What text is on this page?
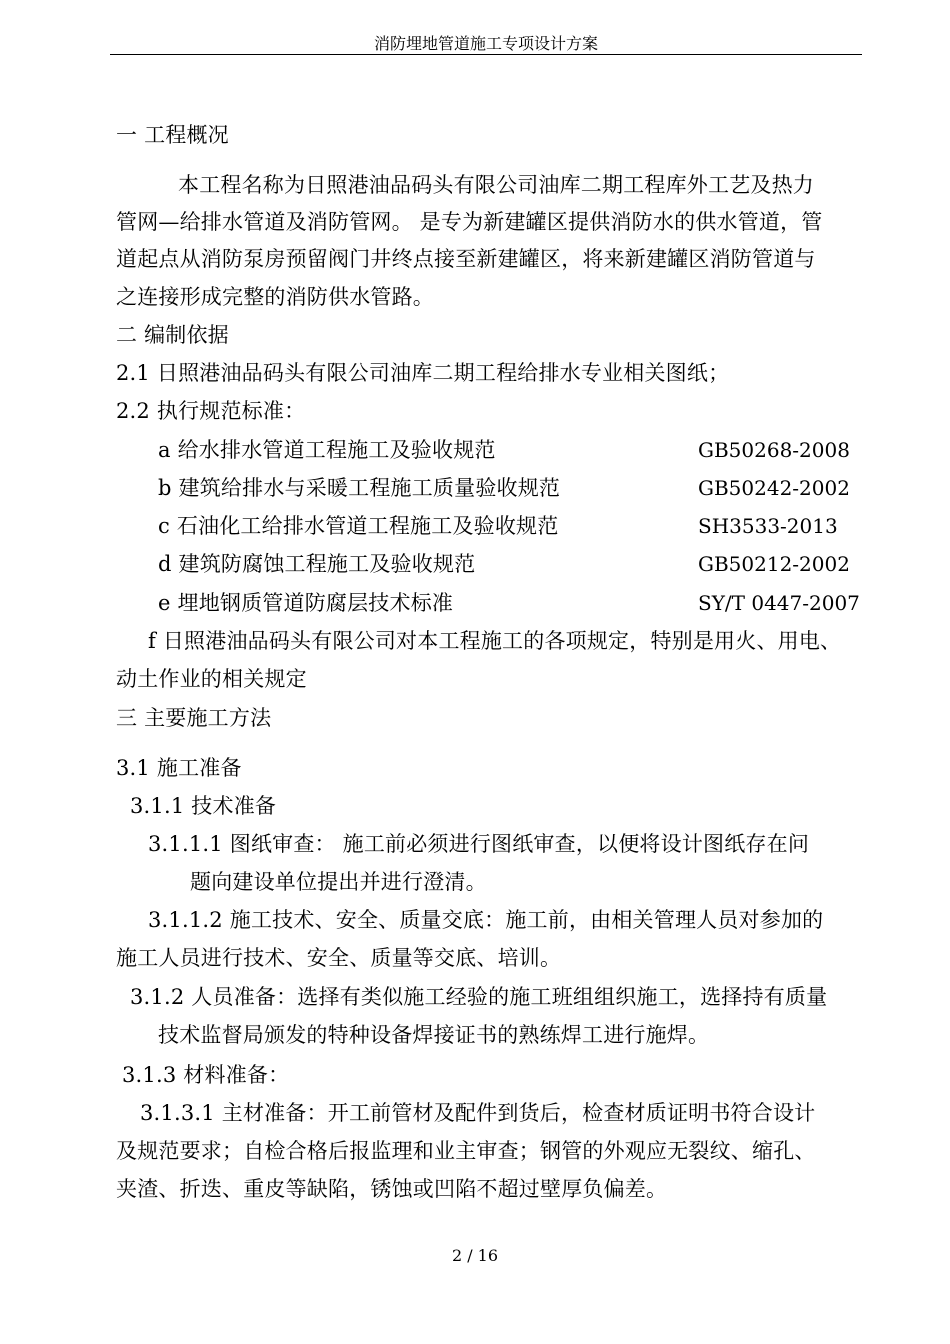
消防埋地管道施工专项设计方案
一 工程概况
本工程名称为日照港油品码头有限公司油库二期工程库外工艺及热力
管网—给排水管道及消防管网。 是专为新建罐区提供消防水的供水管道，管
道起点从消防泵房预留阀门井终点接至新建罐区，将来新建罐区消防管道与
之连接形成完整的消防供水管路。
二 编制依据
2.1 日照港油品码头有限公司油库二期工程给排水专业相关图纸；
2.2 执行规范标准：
a 给水排水管道工程施工及验收规范	GB50268-2008
b 建筑给排水与采暖工程施工质量验收规范	GB50242-2002
c 石油化工给排水管道工程施工及验收规范	SH3533-2013
d 建筑防腐蚀工程施工及验收规范	GB50212-2002
e 埋地钢质管道防腐层技术标准	SY/T 0447-2007
f 日照港油品码头有限公司对本工程施工的各项规定，特别是用火、用电、
动土作业的相关规定
三 主要施工方法
3.1 施工准备
3.1.1 技术准备
3.1.1.1 图纸审查： 施工前必须进行图纸审查，以便将设计图纸存在问
题向建设单位提出并进行澄清。
3.1.1.2 施工技术、安全、质量交底：施工前，由相关管理人员对参加的
施工人员进行技术、安全、质量等交底、培训。
3.1.2 人员准备：选择有类似施工经验的施工班组组织施工，选择持有质量
技术监督局颁发的特种设备焊接证书的熟练焊工进行施焊。
3.1.3 材料准备：
3.1.3.1 主材准备：开工前管材及配件到货后，检查材质证明书符合设计
及规范要求；自检合格后报监理和业主审查；钢管的外观应无裂纹、缩孔、
夹渣、折迭、重皮等缺陷，锈蚀或凹陷不超过壁厚负偏差。
2 / 16
